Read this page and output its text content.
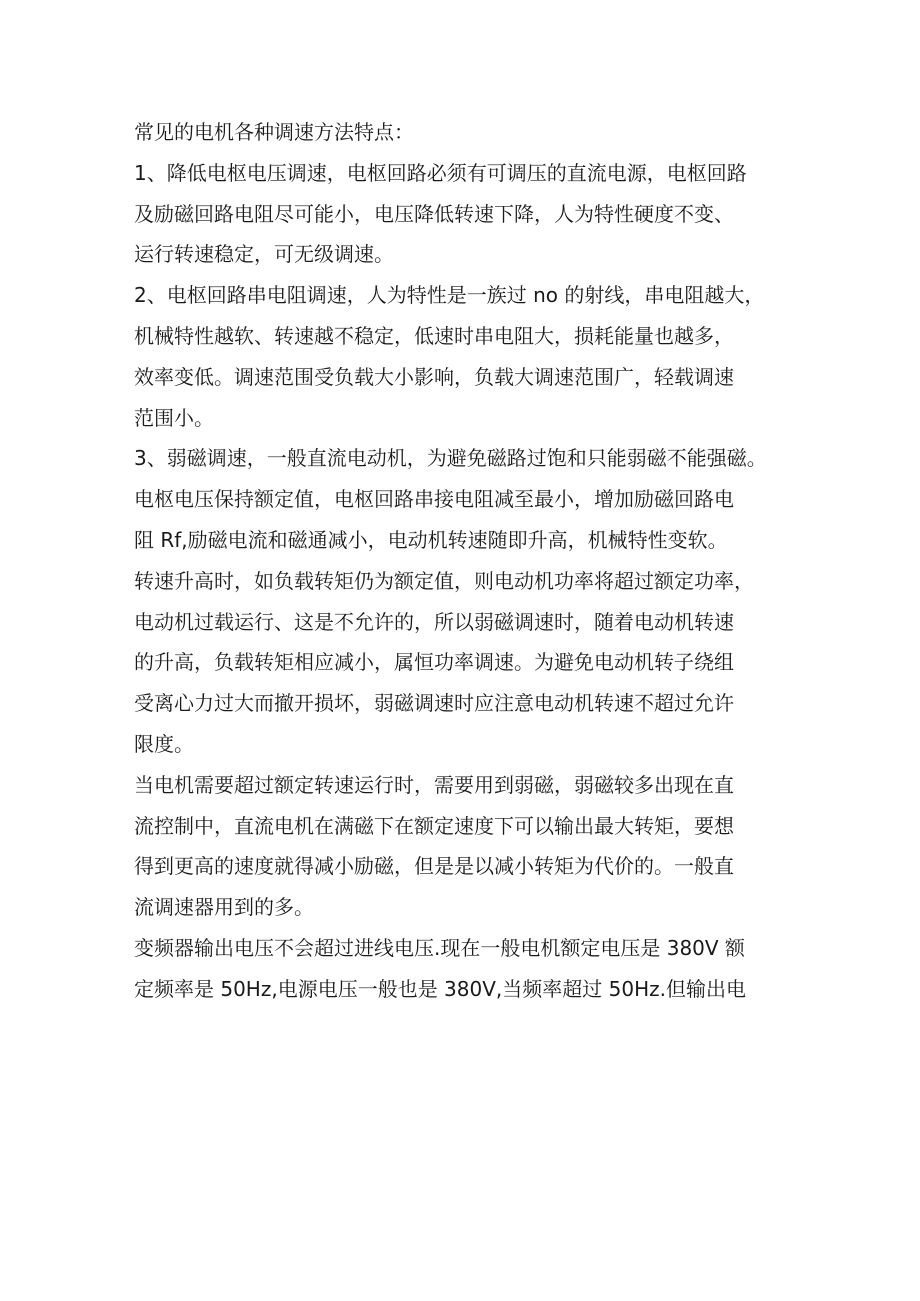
常见的电机各种调速方法特点：
1、降低电枢电压调速，电枢回路必须有可调压的直流电源，电枢回路
及励磁回路电阻尽可能小，电压降低转速下降，人为特性硬度不变、
运行转速稳定，可无级调速。
2、电枢回路串电阻调速，人为特性是一族过 no 的射线，串电阻越大，
机械特性越软、转速越不稳定，低速时串电阻大，损耗能量也越多，
效率变低。调速范围受负载大小影响，负载大调速范围广，轻载调速
范围小。
3、弱磁调速，一般直流电动机，为避免磁路过饱和只能弱磁不能强磁。
电枢电压保持额定值，电枢回路串接电阻减至最小，增加励磁回路电
阻 Rf,励磁电流和磁通减小，电动机转速随即升高，机械特性变软。
转速升高时，如负载转矩仍为额定值，则电动机功率将超过额定功率，
电动机过载运行、这是不允许的，所以弱磁调速时，随着电动机转速
的升高，负载转矩相应减小，属恒功率调速。为避免电动机转子绕组
受离心力过大而撤开损坏，弱磁调速时应注意电动机转速不超过允许
限度。
当电机需要超过额定转速运行时，需要用到弱磁，弱磁较多出现在直
流控制中，直流电机在满磁下在额定速度下可以输出最大转矩，要想
得到更高的速度就得减小励磁，但是是以减小转矩为代价的。一般直
流调速器用到的多。
变频器输出电压不会超过进线电压.现在一般电机额定电压是 380V 额
定频率是 50Hz,电源电压一般也是 380V,当频率超过 50Hz.但输出电
